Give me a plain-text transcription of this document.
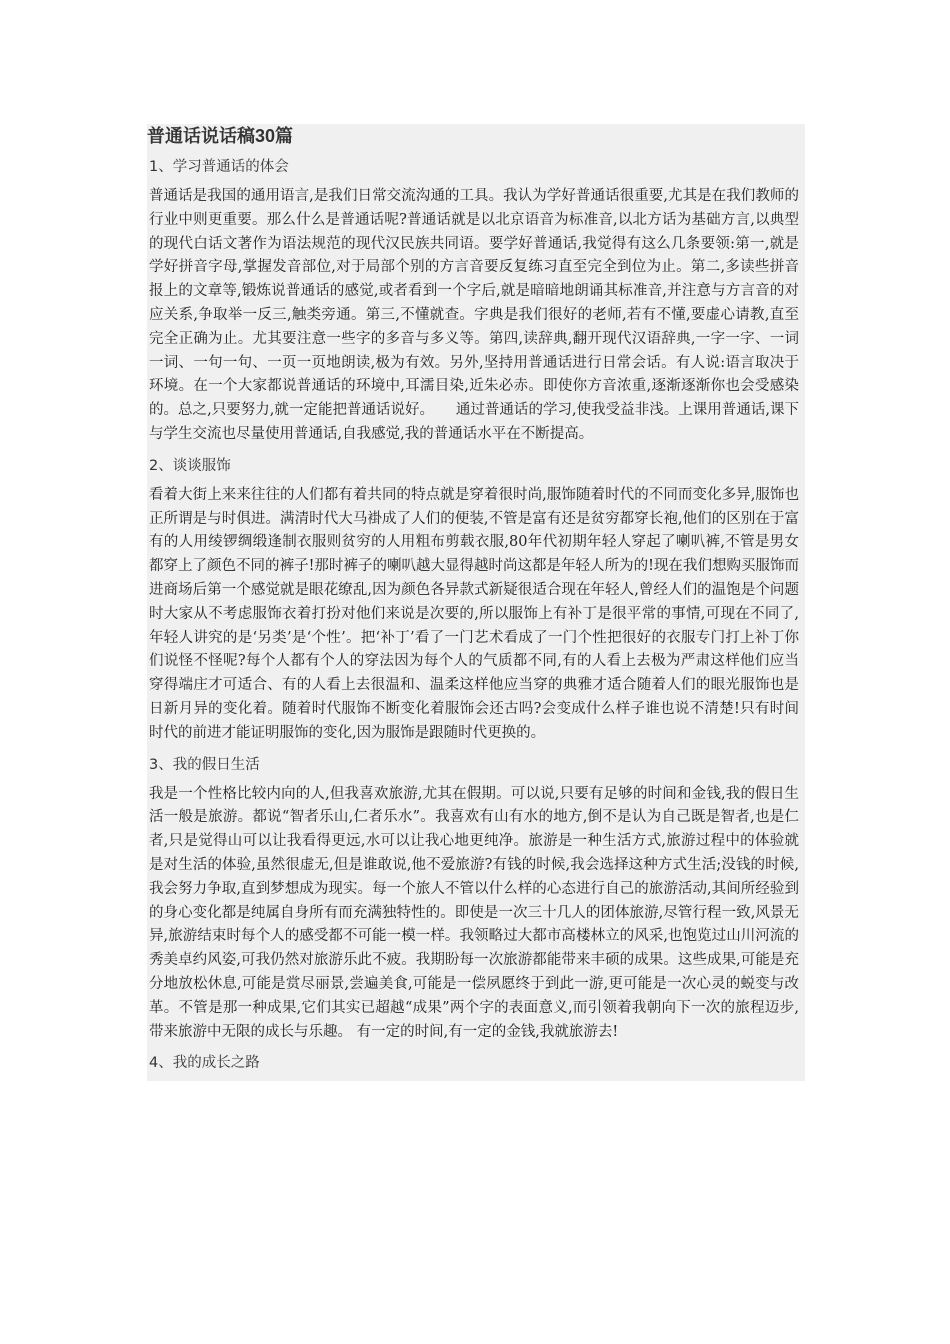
普通话说话稿30篇
1、学习普通话的体会

普通话是我国的通用语言,是我们日常交流沟通的工具。我认为学好普通话很重要,尤其是在我们教师的行业中则更重要。那么什么是普通话呢?普通话就是以北京语音为标准音,以北方话为基础方言,以典型的现代白话文著作为语法规范的现代汉民族共同语。要学好普通话,我觉得有这么几条要领:第一,就是学好拼音字母,掌握发音部位,对于局部个别的方言音要反复练习直至完全到位为止。第二,多读些拼音报上的文章等,锻炼说普通话的感觉,或者看到一个字后,就是暗暗地朗诵其标准音,并注意与方言音的对应关系,争取举一反三,触类旁通。第三,不懂就查。字典是我们很好的老师,若有不懂,要虚心请教,直至完全正确为止。尤其要注意一些字的多音与多义等。第四,读辞典,翻开现代汉语辞典,一字一字、一词一词、一句一句、一页一页地朗读,极为有效。另外,坚持用普通话进行日常会话。有人说:语言取决于环境。在一个大家都说普通话的环境中,耳濡目染,近朱必赤。即使你方音浓重,逐渐逐渐你也会受感染的。总之,只要努力,就一定能把普通话说好。　　通过普通话的学习,使我受益非浅。上课用普通话,课下与学生交流也尽量使用普通话,自我感觉,我的普通话水平在不断提高。

2、谈谈服饰

看着大街上来来往往的人们都有着共同的特点就是穿着很时尚,服饰随着时代的不同而变化多异,服饰也正所谓是与时俱进。满清时代大马褂成了人们的便装,不管是富有还是贫穷都穿长袍,他们的区别在于富有的人用绫锣绸缎逢制衣服则贫穷的人用粗布剪载衣服,80年代初期年轻人穿起了喇叭裤,不管是男女都穿上了颜色不同的裤子!那时裤子的喇叭越大显得越时尚这都是年轻人所为的!现在我们想购买服饰而进商场后第一个感觉就是眼花缭乱,因为颜色各异款式新疑很适合现在年轻人,曾经人们的温饱是个问题时大家从不考虑服饰衣着打扮对他们来说是次要的,所以服饰上有补丁是很平常的事情,可现在不同了,年轻人讲究的是‘另类’是‘个性’。把‘补丁’看了一门艺术看成了一门个性把很好的衣服专门打上补丁你们说怪不怪呢?每个人都有个人的穿法因为每个人的气质都不同,有的人看上去极为严肃这样他们应当穿得端庄才可适合、有的人看上去很温和、温柔这样他应当穿的典雅才适合随着人们的眼光服饰也是日新月异的变化着。随着时代服饰不断变化着服饰会还古吗?会变成什么样子谁也说不清楚!只有时间时代的前进才能证明服饰的变化,因为服饰是跟随时代更换的。

3、我的假日生活

我是一个性格比较内向的人,但我喜欢旅游,尤其在假期。可以说,只要有足够的时间和金钱,我的假日生活一般是旅游。都说“智者乐山,仁者乐水”。我喜欢有山有水的地方,倒不是认为自己既是智者,也是仁者,只是觉得山可以让我看得更远,水可以让我心地更纯净。旅游是一种生活方式,旅游过程中的体验就是对生活的体验,虽然很虚无,但是谁敢说,他不爱旅游?有钱的时候,我会选择这种方式生活;没钱的时候,我会努力争取,直到梦想成为现实。每一个旅人不管以什么样的心态进行自己的旅游活动,其间所经验到的身心变化都是纯属自身所有而充满独特性的。即使是一次三十几人的团体旅游,尽管行程一致,风景无异,旅游结束时每个人的感受都不可能一模一样。我领略过大都市高楼林立的风采,也饱览过山川河流的秀美卓约风姿,可我仍然对旅游乐此不疲。我期盼每一次旅游都能带来丰硕的成果。这些成果,可能是充分地放松休息,可能是赏尽丽景,尝遍美食,可能是一偿夙愿终于到此一游,更可能是一次心灵的蜕变与改革。不管是那一种成果,它们其实已超越“成果”两个字的表面意义,而引领着我朝向下一次的旅程迈步,带来旅游中无限的成长与乐趣。 有一定的时间,有一定的金钱,我就旅游去!

4、我的成长之路
